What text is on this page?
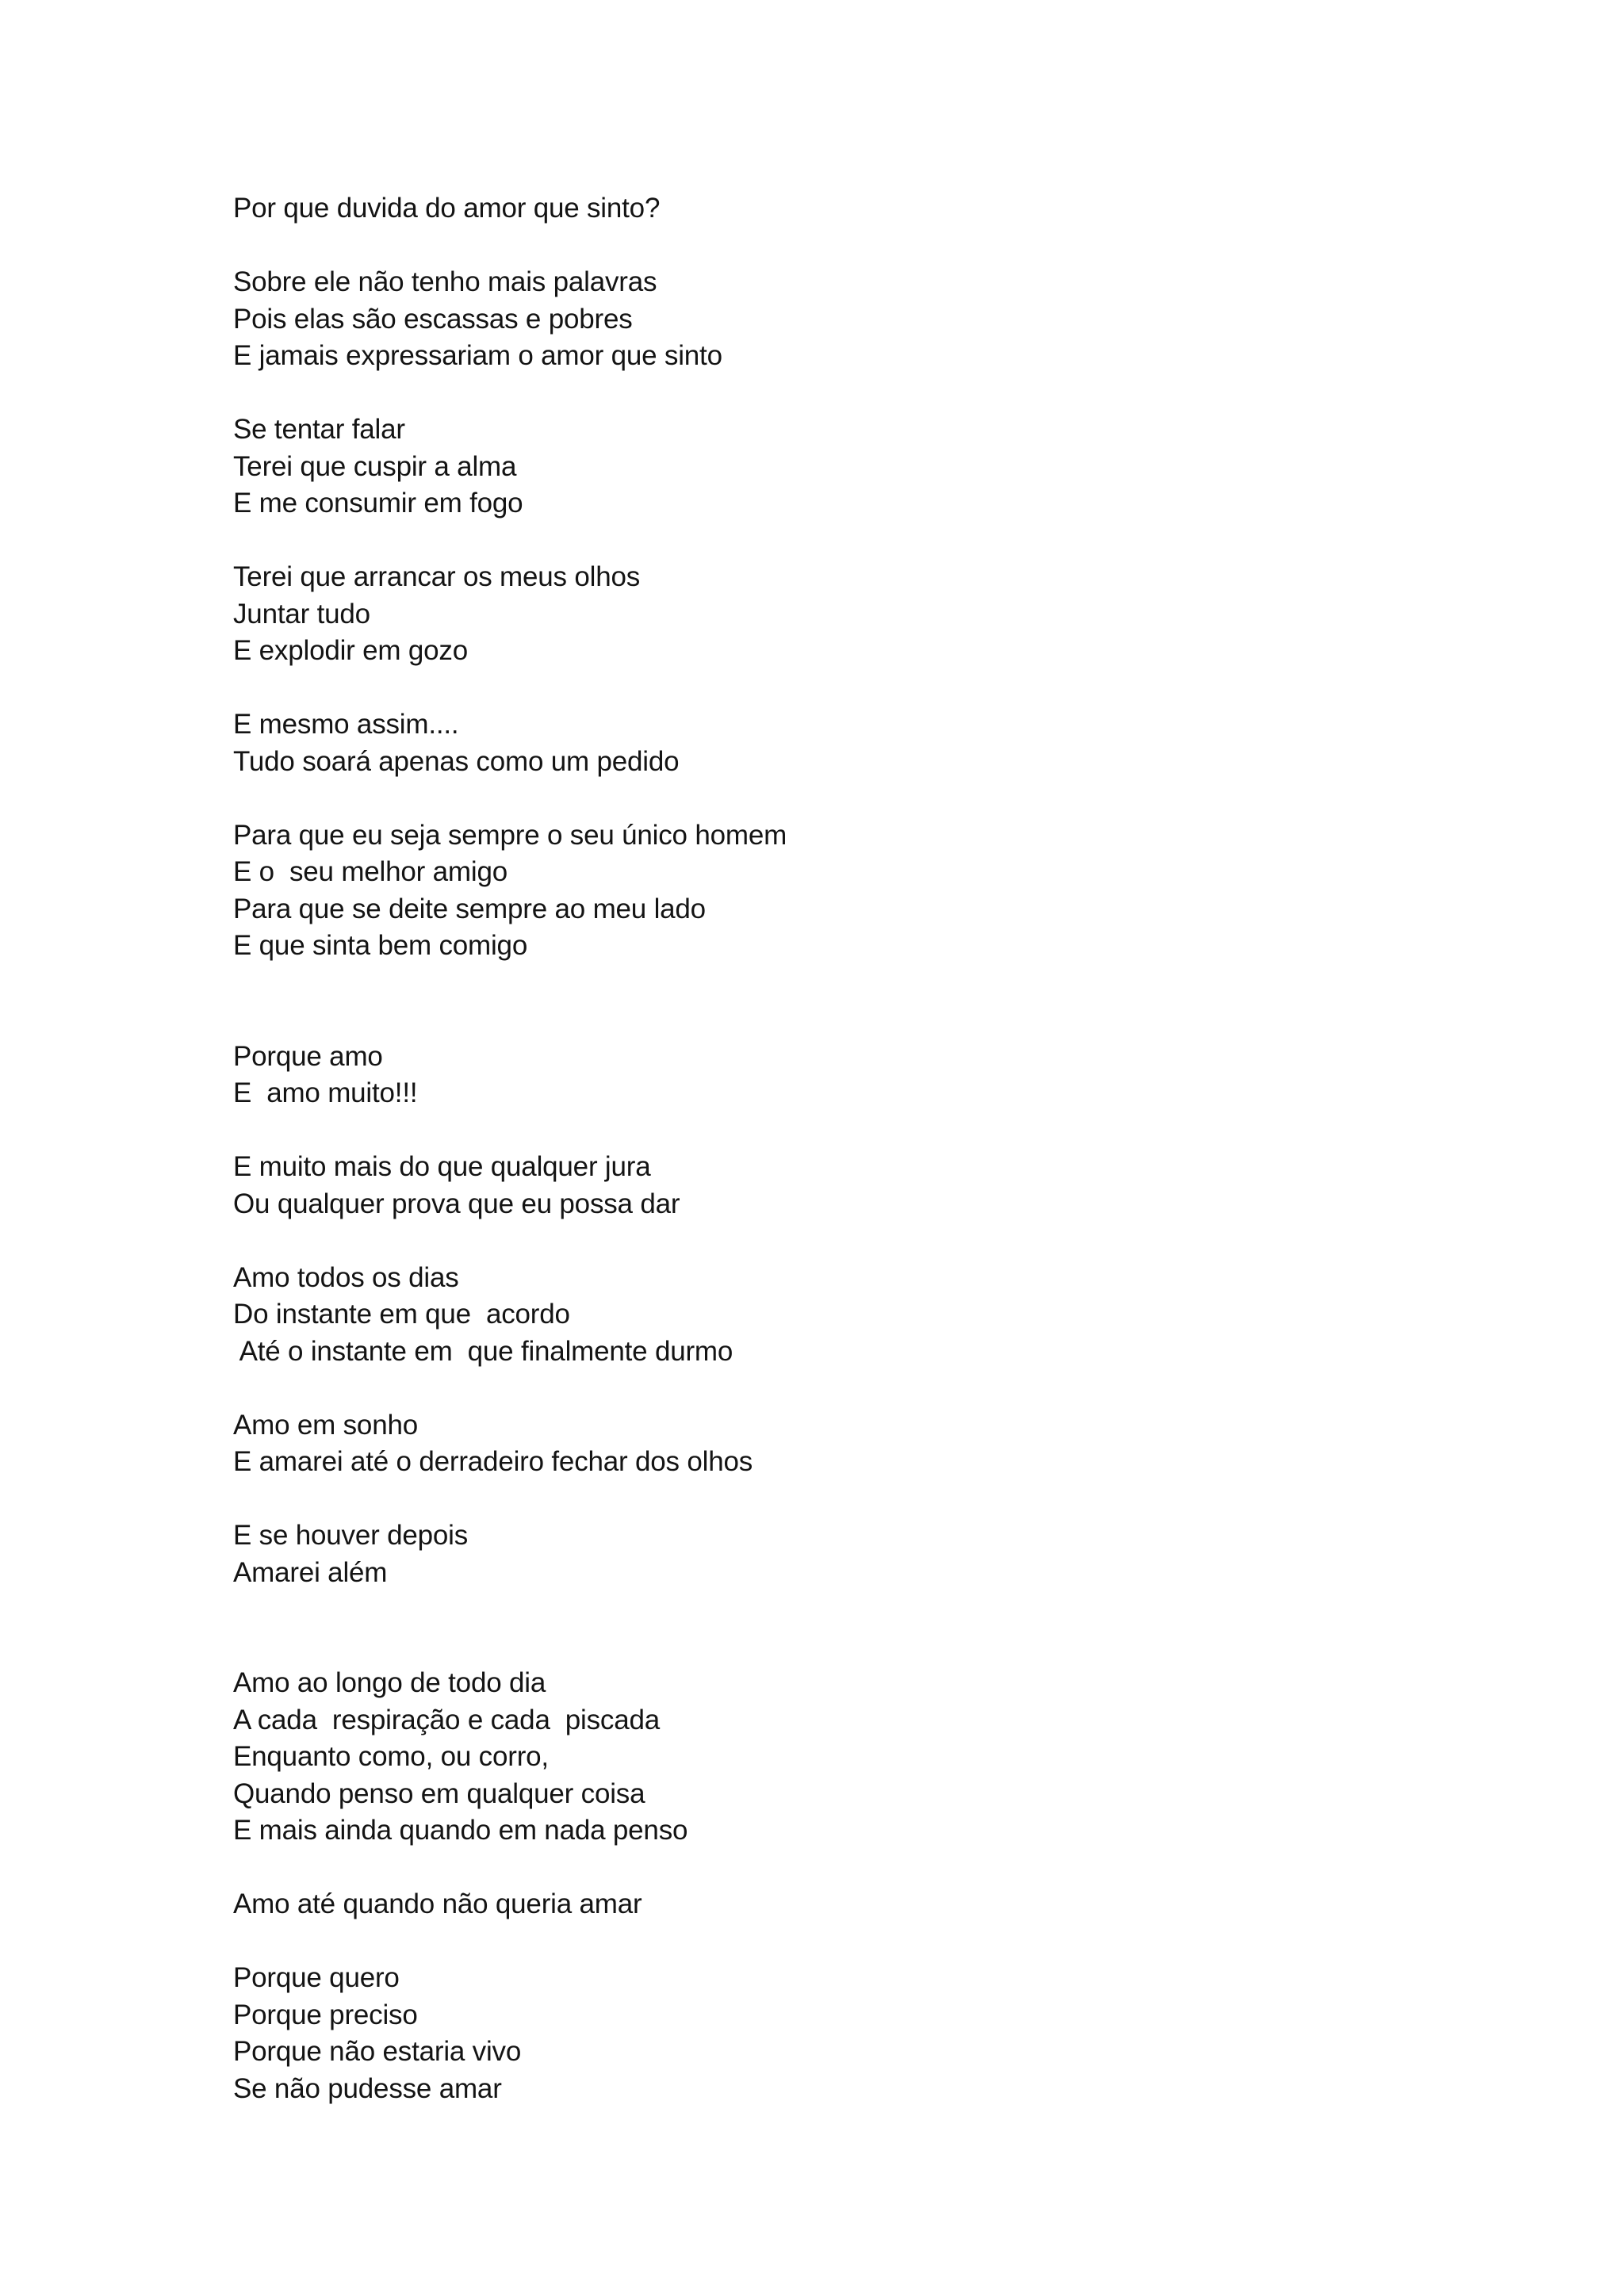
Por que duvida do amor que sinto?
Sobre ele não tenho mais palavras
Pois elas são escassas e pobres
E jamais expressariam o amor que sinto
Se tentar falar
Terei que cuspir a alma
E me consumir em fogo
Terei que arrancar os meus olhos
Juntar tudo
E explodir em gozo
E mesmo assim....
Tudo soará apenas como um pedido
Para que eu seja sempre o seu único homem
E o  seu melhor amigo
Para que se deite sempre ao meu lado
E que sinta bem comigo
Porque amo
E  amo muito!!!
E muito mais do que qualquer jura
Ou qualquer prova que eu possa dar
Amo todos os dias
Do instante em que  acordo
Até o instante em  que finalmente durmo
Amo em sonho
E amarei até o derradeiro fechar dos olhos
E se houver depois
Amarei além
Amo ao longo de todo dia
A cada  respiração e cada  piscada
Enquanto como, ou corro,
Quando penso em qualquer coisa
E mais ainda quando em nada penso
Amo até quando não queria amar
Porque quero
Porque preciso
Porque não estaria vivo
Se não pudesse amar
